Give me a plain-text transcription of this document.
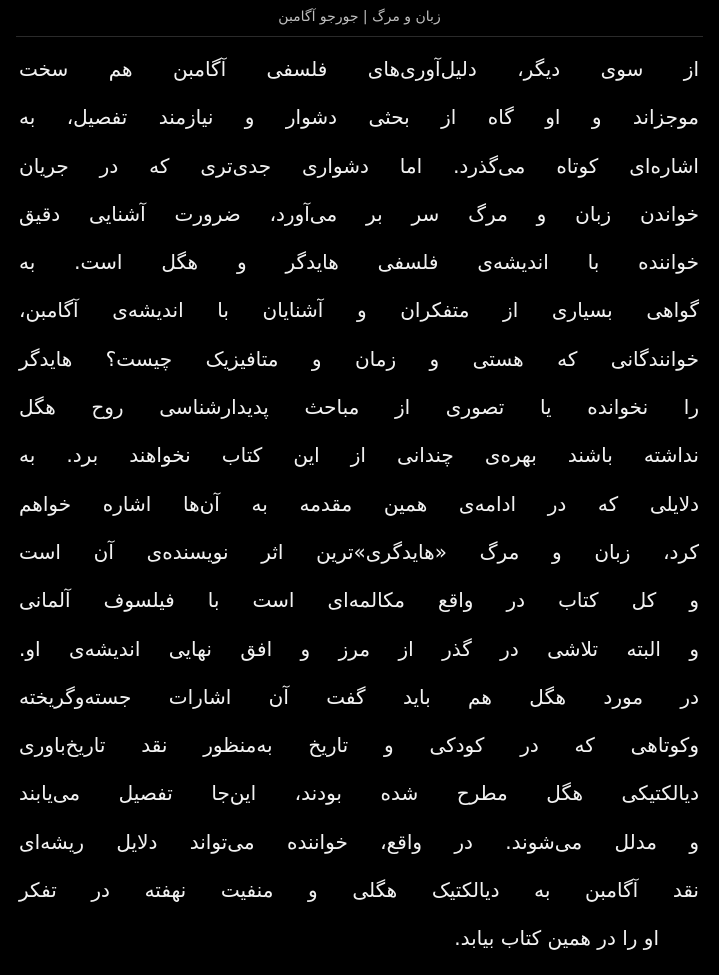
زبان و مرگ | جورجو آگامبن
از سوی دیگر، دلیل‌آوری‌های فلسفی آگامبن هم سخت
موجزاند و او گاه از بحثی دشوار و نیازمند تفصیل، به
اشاره‌ای کوتاه می‌گذرد. اما دشواری جدی‌تری که در جریان
خواندن زبان و مرگ سر بر می‌آورد، ضرورت آشنایی دقیق
خواننده با اندیشه‌ی فلسفی هایدگر و هگل است. به
گواهی بسیاری از متفکران و آشنایان با اندیشه‌ی آگامبن،
خوانندگانی که هستی و زمان و متافیزیک چیست؟ هایدگر
را نخوانده یا تصوری از مباحث پدیدارشناسی روح هگل
نداشته باشند بهره‌ی چندانی از این کتاب نخواهند برد. به
دلایلی که در ادامه‌ی همین مقدمه به آن‌ها اشاره خواهم
کرد، زبان و مرگ «هایدگری»ترین اثر نویسنده‌ی آن است
و کل کتاب در واقع مکالمه‌ای است با فیلسوف آلمانی
و البته تلاشی در گذر از مرز و افق نهایی اندیشه‌ی او.
در مورد هگل هم باید گفت آن اشارات جسته‌وگریخته
وکوتاهی که در کودکی و تاریخ به‌منظور نقد تاریخ‌باوری
دیالکتیکی هگل مطرح شده بودند، این‌جا تفصیل می‌یابند
و مدلل می‌شوند. در واقع، خواننده می‌تواند دلایل ریشه‌ای
نقد آگامبن به دیالکتیک هگلی و منفیت نهفته در تفکر
او را در همین کتاب بیابد.
